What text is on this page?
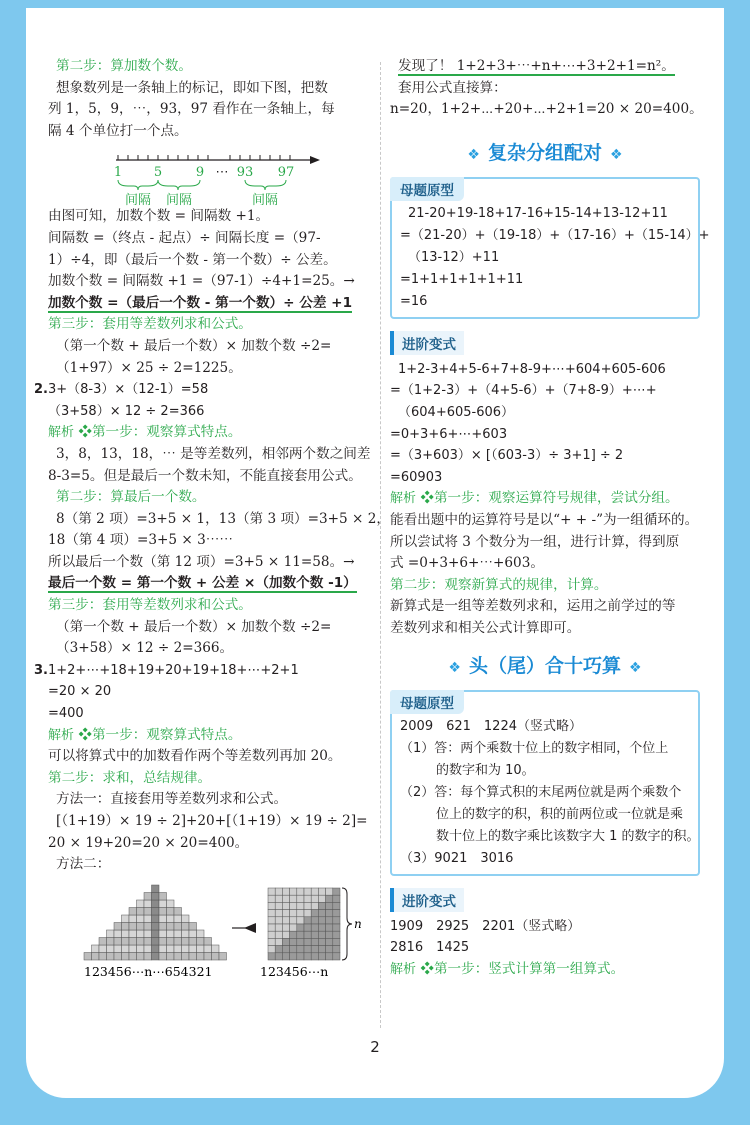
第二步：算加数个数。
想象数列是一条轴上的标记，即如下图，把数
列 1，5，9，⋯，93，97 看作在一条轴上，每
隔 4 个单位打一个点。
1 5	9 ⋯ 93 97
间隔 间隔	间隔
由图可知，加数个数 = 间隔数 +1。
间隔数 =（终点 - 起点）÷ 间隔长度 =（97-
1）÷4，即（最后一个数 - 第一个数）÷ 公差。
加数个数 = 间隔数 +1 =（97-1）÷4+1=25。→
加数个数 =（最后一个数 - 第一个数）÷ 公差 +1
第三步：套用等差数列求和公式。
（第一个数 + 最后一个数）× 加数个数 ÷2=
（1+97）× 25 ÷ 2=1225。
2.3+（8-3）×（12-1）=58
（3+58）× 12 ÷ 2=366
解析 ❖第一步：观察算式特点。
3，8，13，18，⋯ 是等差数列，相邻两个数之间差
8-3=5。但是最后一个数未知，不能直接套用公式。
第二步：算最后一个数。
8（第 2 项）=3+5 × 1，13（第 3 项）=3+5 × 2，
18（第 4 项）=3+5 × 3⋯⋯
所以最后一个数（第 12 项）=3+5 × 11=58。→
最后一个数 = 第一个数 + 公差 ×（加数个数 -1）
第三步：套用等差数列求和公式。
（第一个数 + 最后一个数）× 加数个数 ÷2=
（3+58）× 12 ÷ 2=366。
3.1+2+⋯+18+19+20+19+18+⋯+2+1
=20 × 20
=400
解析 ❖第一步：观察算式特点。
可以将算式中的加数看作两个等差数列再加 20。
第二步：求和，总结规律。
方法一：直接套用等差数列求和公式。
[（1+19）× 19 ÷ 2]+20+[（1+19）× 19 ÷ 2]=
20 × 19+20=20 × 20=400。
方法二：
n
123456⋯n⋯654321	123456⋯n
发现了！ 1+2+3+⋯+n+⋯+3+2+1=n²。
套用公式直接算：
n=20，1+2+⋯+20+⋯+2+1=20 × 20=400。
❖ 复杂分组配对 ❖
母题原型
21-20+19-18+17-16+15-14+13-12+11
=（21-20）+（19-18）+（17-16）+（15-14）+
（13-12）+11
=1+1+1+1+1+11
=16
进阶变式
1+2-3+4+5-6+7+8-9+⋯+604+605-606
=（1+2-3）+（4+5-6）+（7+8-9）+⋯+
（604+605-606）
=0+3+6+⋯+603
=（3+603）× [（603-3）÷ 3+1] ÷ 2
=60903
解析 ❖第一步：观察运算符号规律，尝试分组。
能看出题中的运算符号是以“+ + -”为一组循环的。
所以尝试将 3 个数分为一组，进行计算，得到原
式 =0+3+6+⋯+603。
第二步：观察新算式的规律，计算。
新算式是一组等差数列求和，运用之前学过的等
差数列求和相关公式计算即可。
❖ 头（尾）合十巧算 ❖
母题原型
2009　621　1224（竖式略）
（1）答：两个乘数十位上的数字相同，个位上
的数字和为 10。
（2）答：每个算式积的末尾两位就是两个乘数个
位上的数字的积，积的前两位或一位就是乘
数十位上的数字乘比该数字大 1 的数字的积。
（3）9021　3016
进阶变式
1909　2925　2201（竖式略）
2816　1425
解析 ❖第一步：竖式计算第一组算式。
2
